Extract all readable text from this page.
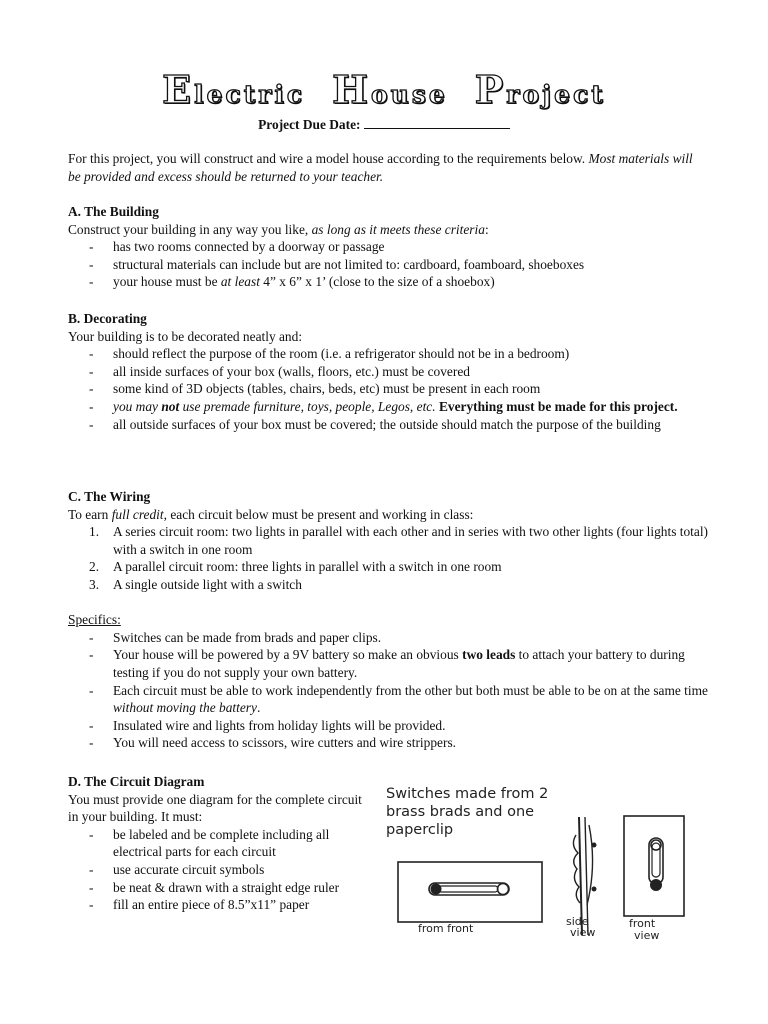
Electric House Project
Project Due Date:

For this project, you will construct and wire a model house according to the requirements below. Most materials will be provided and excess should be returned to your teacher.

A. The Building

Construct your building in any way you like, as long as it meets these criteria:

- has two rooms connected by a doorway or passage
- structural materials can include but are not limited to: cardboard, foamboard, shoeboxes
- your house must be at least 4” x 6” x 1’ (close to the size of a shoebox)

B. Decorating

Your building is to be decorated neatly and:

- should reflect the purpose of the room (i.e. a refrigerator should not be in a bedroom)
- all inside surfaces of your box (walls, floors, etc.) must be covered
- some kind of 3D objects (tables, chairs, beds, etc) must be present in each room
- you may not use premade furniture, toys, people, Legos, etc. Everything must be made for this project.
- all outside surfaces of your box must be covered; the outside should match the purpose of the building

C. The Wiring

To earn full credit, each circuit below must be present and working in class:

1. A series circuit room: two lights in parallel with each other and in series with two other lights (four lights total) with a switch in one room
2. A parallel circuit room: three lights in parallel with a switch in one room
3. A single outside light with a switch

Specifics:

- Switches can be made from brads and paper clips.
- Your house will be powered by a 9V battery so make an obvious two leads to attach your battery to during testing if you do not supply your own battery.
- Each circuit must be able to work independently from the other but both must be able to be on at the same time without moving the battery.
- Insulated wire and lights from holiday lights will be provided.
- You will need access to scissors, wire cutters and wire strippers.

D. The Circuit Diagram

You must provide one diagram for the complete circuit in your building. It must:

- be labeled and be complete including all electrical parts for each circuit
- use accurate circuit symbols
- be neat & drawn with a straight edge ruler
- fill an entire piece of 8.5”x11” paper
Switches made from 2 brass brads and one paperclip
from front
side
view
front
view
